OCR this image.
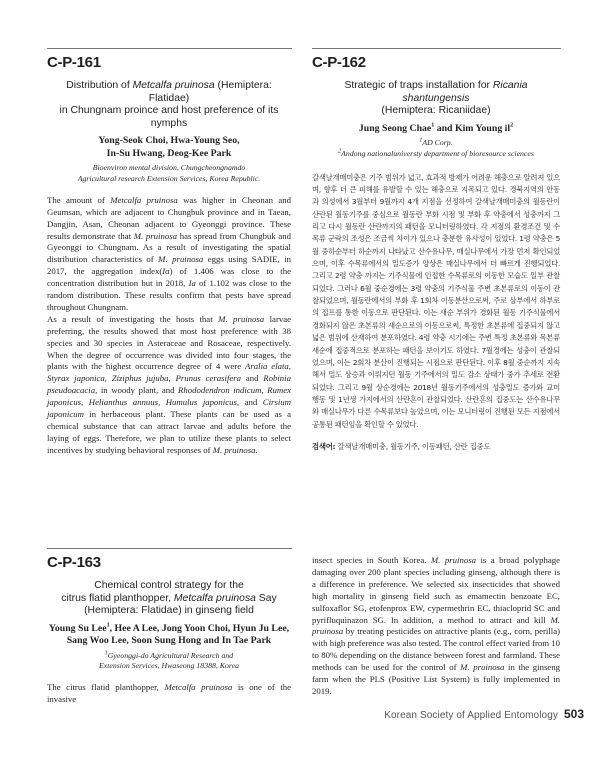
C-P-161
Distribution of Metcalfa pruinosa (Hemiptera: Flatidae)
in Chungnam proince and host preference of its nymphs
Yong-Seok Choi, Hwa-Young Seo,
In-Su Hwang, Deog-Kee Park
Bioenviron mental division, Chungcheongnamdo
Agricultural research Extension Services, Korea Republic.

The amount of Metcalfa pruinosa was higher in Cheonan and Geumsan, which are adjacent to Chungbuk province and in Taean, Dangjin, Asan, Cheonan adjacent to Gyeonggi province. These results demonstrate that M. pruinosa has spread from Chungbuk and Gyeonggi to Chungnam. As a result of investigating the spatial distribution characteristics of M. pruinosa eggs using SADIE, in 2017, the aggregation index(Ia) of 1.406 was close to the concentration distribution but in 2018, Ia of 1.102 was close to the random distribution. These results confirm that pests have spread throughout Chungnam.

As a result of investigating the hosts that M. pruinosa larvae preferring, the results showed that most host preference with 38 species and 30 species in Asteraceae and Rosaceae, respectively. When the degree of occurrence was divided into four stages, the plants with the highest occurrence degree of 4 were Aralia elata, Styrax japonica, Ziziphus jujuba, Prunus cerasifera and Robinia pseudoacacia, in woody plant, and Rhododendron indicum, Rumex japonicus, Helianthus annuus, Humulus japonicus, and Cirsium japonicum in herbaceous plant. These plants can be used as a chemical substance that can attract larvae and adults before the laying of eggs. Therefore, we plan to utilize these plants to select incentives by studying behavioral responses of M. pruinosa.

C-P-162
Strategic of traps installation for Ricania shantungensis
(Hemiptera: Ricaniidae)
Jung Seong Chae$^1$ and Kim Young $il^2$
$^1$AD Corp.
$^2$Andong nationaluniversty department of bioresource sciences
갈색날개매미충은 기주 범위가 넓고, 효과적 방제가 어려운 해충으로 알려져 있으며, 향후 더 큰 피해를 유발할 수 있는 해충으로 지목되고 있다. 경북지역의 안동과 의성에서 3월부터 9월까지 4개 지점을 선정하여 갈색날개매미충의 월동란이 산란된 월동기주를 중심으로 월동란 부화 시점 및 부화 후 약충에서 성충까지 그리고 다시 월동란 산란까지의 패턴을 모니터링하였다. 각 지점의 환경조건 및 수목류 군락의 조성은 조금씩 차이가 있으나 충분한 유사성이 있었다. 1령 약충은 5월 중하순부터 하순까지 나타났고 산수유나무, 매실나무에서 가장 먼저 확인되었으며, 이후 수목류에서의 밀도증가 양상은 매실나무에서 더 빠르게 진행되었다. 그리고 2령 약충 까지는 기주식물에 인접한 수목류로의 이동한 모습도 일부 관찰되었다. 그러나 6월 중순경에는 3령 약충의 기주식물 주변 초본류로의 이동이 관찰되었으며, 월동란에서의 부화 후 1회차 이동분산으로써, 주로 삼부에서 하부로의 접프를 통한 이동으로 판단된다. 이는 새순 부위가 경화된 월동 기주식물에서 경화되지 않은 초본류의 새순으로의 이동으로써, 특정한 초본류에 집중되지 않고 넓은 범위에 산재하여 분포하였다. 4령 약충 시기에는 주변 특정 초본류와 목본류 새순에 집중적으로 분포하는 패턴을 보이기도 하였다. 7월경에는 성충이 관찰되었으며, 이는 2회차 분산이 진행되는 시점으로 판단된다. 이후 8월 중순까지 지속해서 밀도 상승과 이뤄지던 월동 기주에서의 밀도 감소 상태가 중가 추세로 전환되었다. 그리고 9월 상순경에는 2018년 월동기주에서의 성충밀도 증가와 교미 행동 및 1년생 가지에서의 산란흔이 관찰되었다. 산란흔의 집중도는 산수유나무와 매실나무가 다른 수목류보다 높았으며, 이는 모니터링이 진행된 모든 지점에서 공통된 패턴임을 확인할 수 있었다.
검색어: 갈색날개매미충, 월동기주, 이동패턴, 산란 집중도
C-P-163
Chemical control strategy for the
citrus flatid planthopper, Metcalfa pruinosa Say
(Hemiptera: Flatidae) in ginseng field
Young Su Lee$^1$, Hee A Lee, Jong Yoon Choi, Hyun Ju Lee,
Sang Woo Lee, Soon Sung Hong and In Tae Park
$^1$Gyeonggi-do Agricultural Research and
Extension Services, Hwaseong 18388, Korea

The citrus flatid planthopper, Metcalfa pruinosa is one of the invasive

insect species in South Korea. M. pruinosa is a broad polyphage damaging over 200 plant species including ginseng, although there is a difference in preference. We selected six insecticides that showed high mortality in ginseng field such as emamectin benzoate EC, sulfoxaflor SG, etofenprox EW, cypermethrin EC, thiacloprid SC and pyrifluquinazon SG. In addition, a method to attract and kill M. pruinosa by treating pesticides on attractive plants (e.g., corn, perilla) with high preference was also tested. The control effect varied from 10 to 80% depending on the distance between forest and farmland. These methods can be used for the control of M. pruinosa in the ginseng farm when the PLS (Positive List System) is fully implemented in 2019.

Korean Society of Applied Entomology 503
